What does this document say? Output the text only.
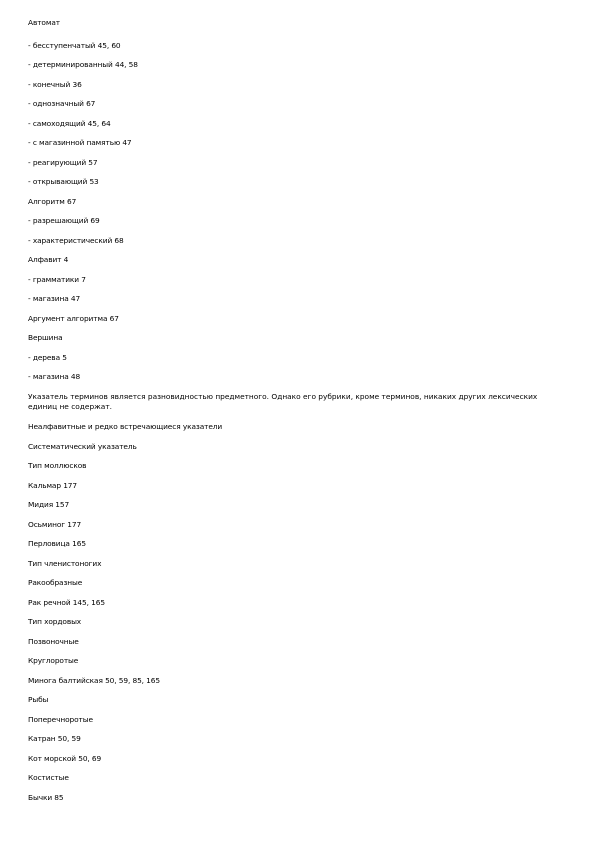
Автомат
- бесступенчатый 45, 60
- детерминированный 44, 58
- конечный 36
- однозначный 67
- самоходящий 45, 64
- с магазинной памятью 47
- реагирующий 57
- открывающий 53
Алгоритм 67
- разрешающий 69
- характеристический 68
Алфавит 4
- грамматики 7
- магазина 47
Аргумент алгоритма 67
Вершина
- дерева 5
- магазина 48
Указатель терминов является разновидностью предметного. Однако его рубрики, кроме терминов, никаких других лексических единиц не содержат.
Неалфавитные и редко встречающиеся указатели
Систематический указатель
Тип моллюсков
Кальмар 177
Мидия 157
Осьминог 177
Перловица 165
Тип членистоногих
Ракообразные
Рак речной 145, 165
Тип хордовых
Позвоночные
Круглоротые
Минога балтийская 50, 59, 85, 165
Рыбы
Поперечноротые
Катран 50, 59
Кот морской 50, 69
Костистые
Бычки 85
